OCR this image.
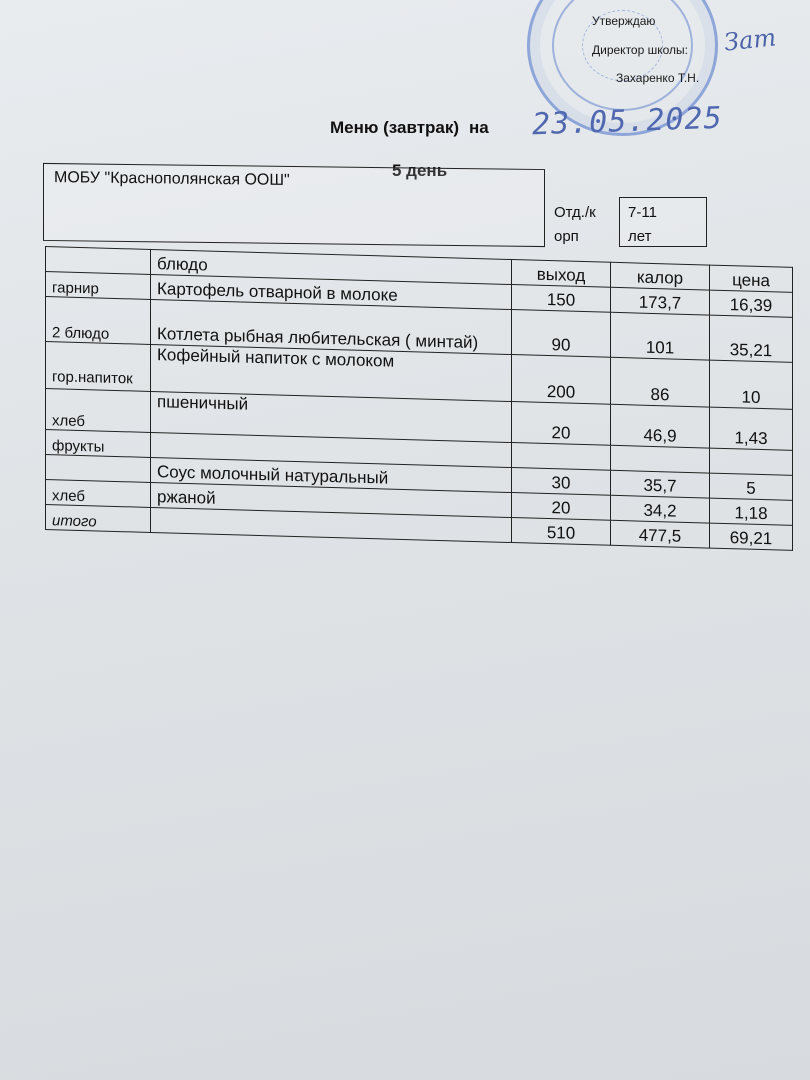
Утверждаю
Директор школы: Зат
Захаренко Т.Н.
Меню (завтрак) на 23.05.2025
5 день
МОБУ "Краснополянская ООШ"
Отд./к
орп
7-11
лет
	блюдо	выход	калор	цена
гарнир	Картофель отварной в молоке	150	173,7	16,39
2 блюдо	Котлета рыбная любительская ( минтай)	90	101	35,21
гор.напиток	Кофейный напиток с молоком	200	86	10
хлеб	пшеничный	20	46,9	1,43
фрукты				
	Соус молочный натуральный	30	35,7	5
хлеб	ржаной	20	34,2	1,18
итого		510	477,5	69,21
